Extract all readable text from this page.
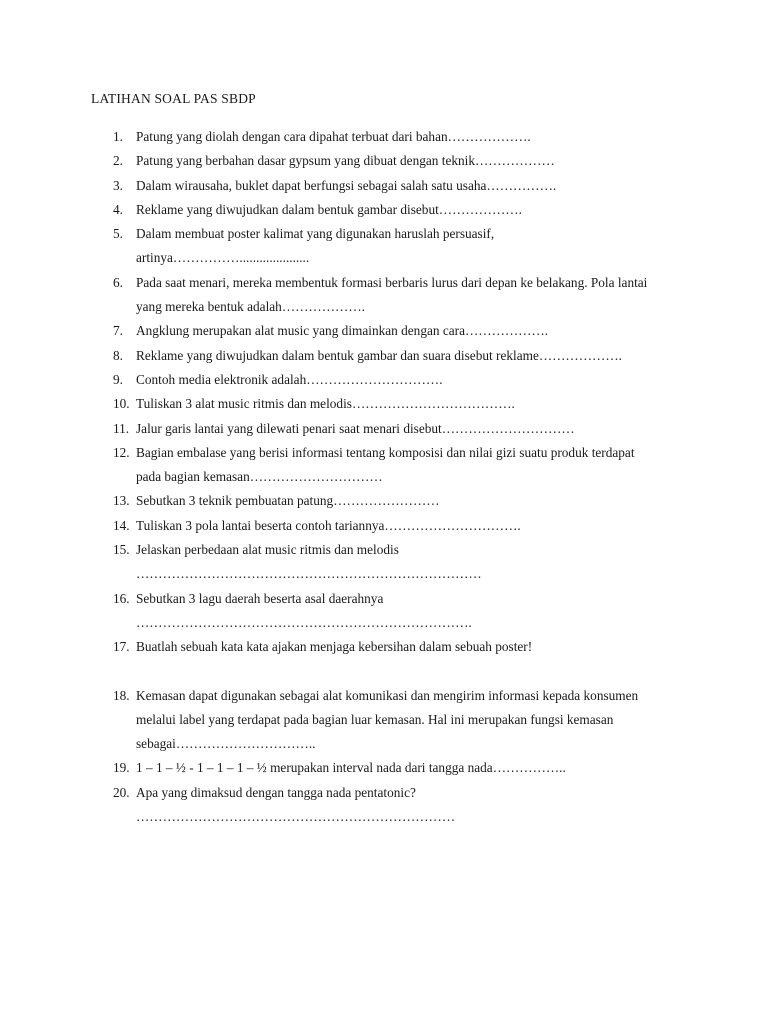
LATIHAN SOAL PAS SBDP
1. Patung yang diolah dengan cara dipahat terbuat dari bahan……………….
2. Patung yang berbahan dasar gypsum yang dibuat dengan teknik………………
3. Dalam wirausaha, buklet dapat berfungsi sebagai salah satu usaha…………….
4. Reklame yang diwujudkan dalam bentuk gambar disebut……………….
5. Dalam membuat poster kalimat yang digunakan haruslah persuasif,
artinya…………….....................
6. Pada saat menari, mereka membentuk formasi berbaris lurus dari depan ke belakang. Pola lantai
yang mereka bentuk adalah……………….
7. Angklung merupakan alat music yang dimainkan dengan cara……………….
8. Reklame yang diwujudkan dalam bentuk gambar dan suara disebut reklame……………….
9. Contoh media elektronik adalah………………………….
10. Tuliskan 3 alat music ritmis dan melodis……………………………….
11. Jalur garis lantai yang dilewati penari saat menari disebut…………………………
12. Bagian embalase yang berisi informasi tentang komposisi dan nilai gizi suatu produk terdapat
pada bagian kemasan…………………………
13. Sebutkan 3 teknik pembuatan patung……………………
14. Tuliskan 3 pola lantai beserta contoh tariannya………………………….
15. Jelaskan perbedaan alat music ritmis dan melodis
……………………………………………………………………
16. Sebutkan 3 lagu daerah beserta asal daerahnya
………………………………………………………………….
17. Buatlah sebuah kata kata ajakan menjaga kebersihan dalam sebuah poster!
18. Kemasan dapat digunakan sebagai alat komunikasi dan mengirim informasi kepada konsumen
melalui label yang terdapat pada bagian luar kemasan. Hal ini merupakan fungsi kemasan
sebagai…………………………..
19. 1 – 1 – ½ - 1 – 1 – 1 – ½ merupakan interval nada dari tangga nada……………..
20. Apa yang dimaksud dengan tangga nada pentatonic?
………………………………………………………………
